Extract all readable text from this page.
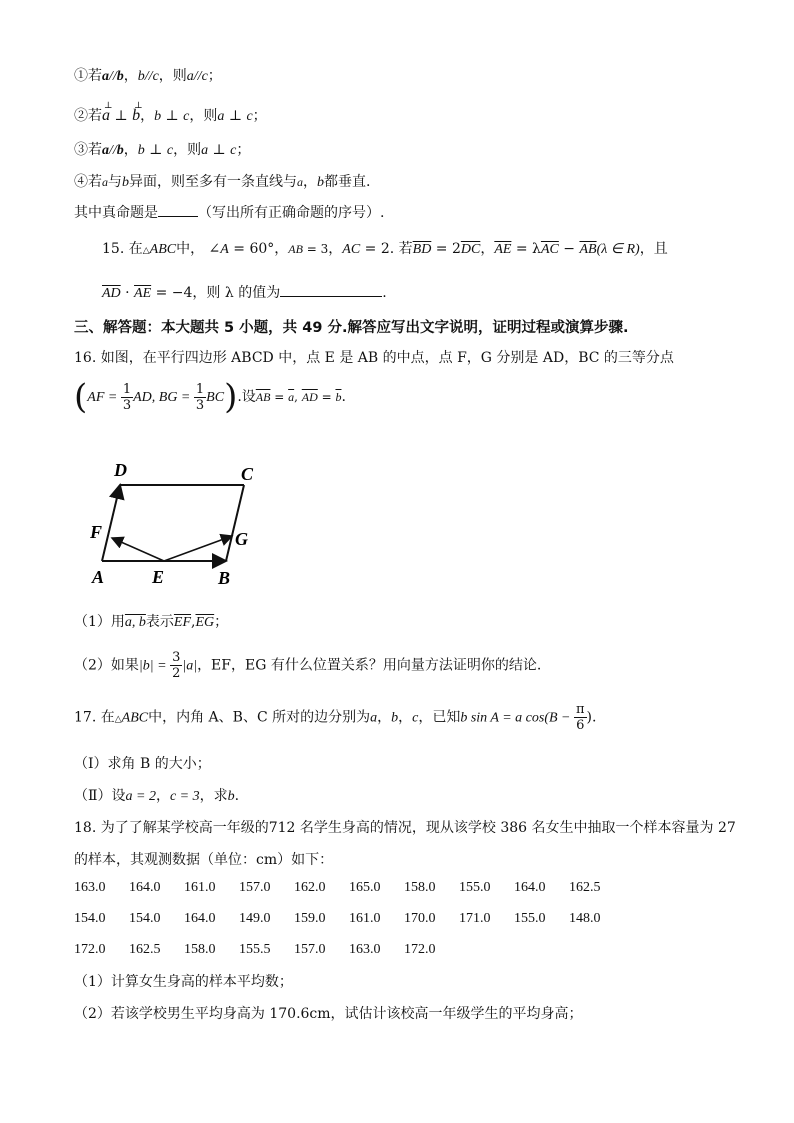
①若a//b，b//c，则a//c；
②若
⊥
a ⊥
⊥
b，b ⊥ c，则a ⊥ c；
③若a//b，b ⊥ c，则a ⊥ c；
④若a与b异面，则至多有一条直线与a，b都垂直.
其中真命题是	（写出所有正确命题的序号）.
15. 在△ABC中， ∠A = 60°，AB = 3，AC = 2. 若$\overline{BD} = 2\overline{DC}$，$\overline{AE} = \lambda\overline{AC} - \overline{AB}(\lambda$ ∈ R)，且
$\overline{AD} \cdot \overline{AE} = -4$，则 λ 的值为	.
三、解答题：本大题共 5 小题，共 49 分.解答应写出文字说明，证明过程或演算步骤.
16. 如图，在平行四边形 ABCD 中，点 E 是 AB 的中点，点 F，G 分别是 AD，BC 的三等分点
($AF = \frac{1}{3}$ AD, BG = $\frac{1}{3} BC$).设$\overline{AB} = \overline{a}$, $\overline{AD} = \overline{b}$.
D	C
F	G
A	E	B
（1）用a, b表示$\overline{EF},\overline{EG}$；
（2）如果$|b| = \frac{3}{2} |a|$，EF，EG 有什么位置关系？用向量方法证明你的结论.
17. 在△ABC中，内角 A、B、C 所对的边分别为a，b，c，已知b sin A = a $\cos(B - \frac{\pi}{6}$ ).
（Ⅰ）求角 B 的大小；
（Ⅱ）设a = 2，c = 3，求b.
18. 为了了解某学校高一年级的712 名学生身高的情况，现从该学校 386 名女生中抽取一个样本容量为 27
的样本，其观测数据（单位：cm）如下：
163.0	164.0	161.0	157.0	162.0	165.0	158.0	155.0	164.0	162.5
154.0	154.0	164.0	149.0	159.0	161.0	170.0	171.0	155.0	148.0
172.0	162.5	158.0	155.5	157.0	163.0	172.0			
（1）计算女生身高的样本平均数；
（2）若该学校男生平均身高为 170.6cm，试估计该校高一年级学生的平均身高；
